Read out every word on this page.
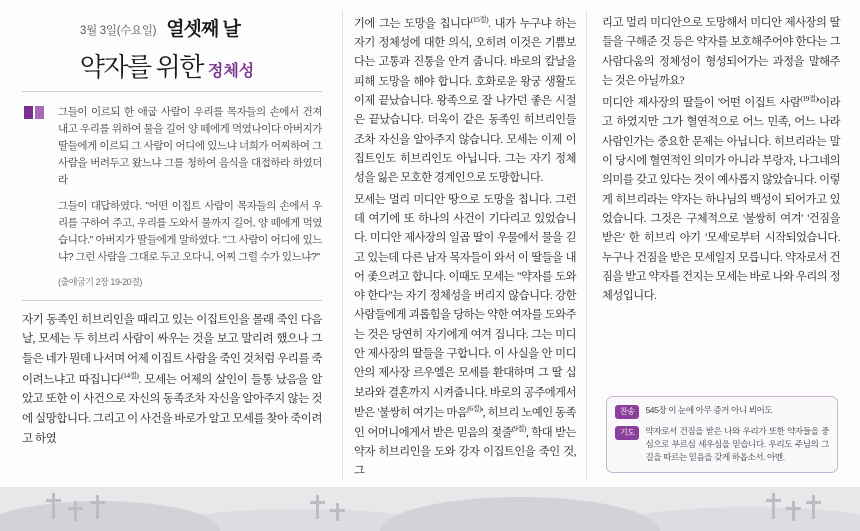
3월 3일(수요일) 열셋째 날
약자를 위한 정체성

그들이 이르되 한 애굽 사람이 우리를 목자들의 손에서 건져 내고 우리를 위하여 물을 길어 양 떼에게 먹였나이다 아버지가 딸들에게 이르되 그 사람이 어디에 있느냐 너희가 어찌하여 그 사람을 버려두고 왔느냐 그를 청하여 음식을 대접하라 하였더라

그들이 대답하였다. "어떤 이집트 사람이 목자들의 손에서 우리를 구하여 주고, 우리를 도와서 물까지 길어, 양 떼에게 먹였습니다." 아버지가 딸들에게 말하였다. "그 사람이 어디에 있느냐? 그런 사람을 그대로 두고 오다니, 어찌 그럴 수가 있느냐?"

(출애굽기 2장 19-20절)

자기 동족인 히브리인을 때리고 있는 이집트인을 몰래 죽인 다음 날, 모세는 두 히브리 사람이 싸우는 것을 보고 말리려 했으나 그들은 네가 뭔데 나서며 어제 이집트 사람을 죽인 것처럼 우리를 죽이려느냐고 따집니다$^{(14절)}$. 모세는 어제의 살인이 들통 났음을 알았고 또한 이 사건으로 자신의 동족조차 자신을 알아주지 않는 것에 실망합니다. 그리고 이 사건을 바로가 알고 모세를 찾아 죽이려고 하였

기에 그는 도망을 칩니다$^{(15절)}$. 내가 누구냐 하는 자기 정체성에 대한 의식, 오히려 이것은 기쁨보다는 고통과 진통을 안겨 줍니다. 바로의 칼날을 피해 도망을 해야 합니다. 호화로운 왕궁 생활도 이제 끝났습니다. 왕족으로 잘 나가던 좋은 시절은 끝났습니다. 더욱이 같은 동족인 히브리인들조차 자신을 알아주지 않습니다. 모세는 이제 이집트인도 히브리인도 아닙니다. 그는 자기 정체성을 잃은 모호한 경계인으로 도망합니다.

모세는 멀리 미디안 땅으로 도망을 칩니다. 그런데 여기에 또 하나의 사건이 기다리고 있었습니다. 미디안 제사장의 일곱 딸이 우물에서 물을 긷고 있는데 다른 남자 목자들이 와서 이 딸들을 내어 좇으려고 합니다. 이때도 모세는 "약자를 도와야 한다"는 자기 정체성을 버리지 않습니다. 강한 사람들에게 괴롭힘을 당하는 약한 여자를 도와주는 것은 당연히 자기에게 여겨 집니다. 그는 미디안 제사장의 딸들을 구합니다. 이 사실을 안 미디안의 제사장 르우엘은 모세를 환대하며 그 딸 십보라와 결혼까지 시켜줍니다. 바로의 공주에게서 받은 '불쌍히 여기는 마음$^{(6절)}$', 히브리 노예인 동족인 어머니에게서 받은 믿음의 젖줄$^{(9절)}$, 학대 받는 약자 히브리인을 도와 강자 이집트인을 죽인 것, 그

리고 멀리 미디안으로 도망해서 미디안 제사장의 딸들을 구해준 것 등은 약자를 보호해주어야 한다는 그 사람다움의 정체성이 형성되어가는 과정을 말해주는 것은 아닐까요?

미디안 제사장의 딸들이 '어떤 이집트 사람$^{(19절)}$'이라고 하였지만 그가 혈연적으로 어느 민족, 어느 나라 사람인가는 중요한 문제는 아닙니다. 히브리라는 말이 당시에 혈연적인 의미가 아니라 부랑자, 나그네의 의미를 갖고 있다는 것이 예사롭지 않았습니다. 이렇게 히브리라는 약자는 하나님의 백성이 되어가고 있었습니다. 그것은 구체적으로 '불쌍히 여겨' '건짐을 받은' 한 히브리 아기 '모세'로부터 시작되었습니다. 누구나 건짐을 받은 모세일지 모릅니다. 약자로서 건짐을 받고 약자를 건지는 모세는 바로 나와 우리의 정체성입니다.

찬송	545장 이 눈에 아무 증거 아니 뵈어도
기도	약자로서 건짐을 받은 나와 우리가 또한 약자들을 중심으로 부르심 세우심을 믿습니다. 우리도 주님의 그 길을 따르는 믿음을 갖게 하옵소서. 아멘.
